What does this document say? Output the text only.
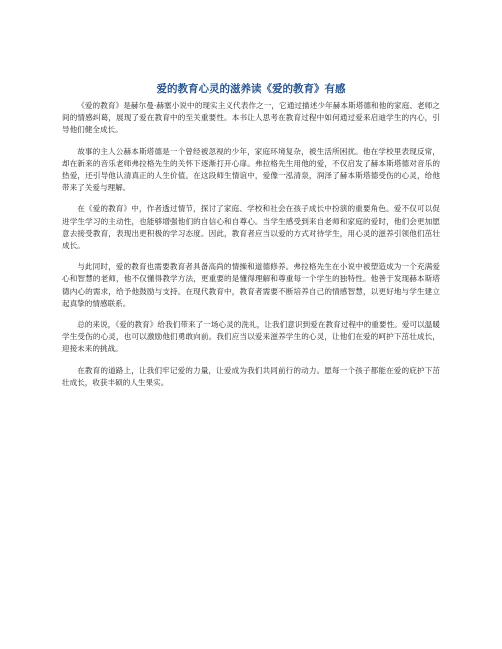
爱的教育心灵的滋养读《爱的教育》有感

《爱的教育》是赫尔曼·赫塞小说中的现实主义代表作之一，它通过描述少年赫本斯塔德和他的家庭、老师之间的情感纠葛，展现了爱在教育中的至关重要性。本书让人思考在教育过程中如何通过爱来启迪学生的内心，引导他们健全成长。

故事的主人公赫本斯塔德是一个曾经被忽视的少年，家庭环境复杂，被生活所困扰。他在学校里表现反常，却在新来的音乐老师弗拉格先生的关怀下逐渐打开心扉。弗拉格先生用他的爱，不仅启发了赫本斯塔德对音乐的热爱，还引导他认清真正的人生价值。在这段师生情谊中，爱像一泓清泉，润泽了赫本斯塔德受伤的心灵，给他带来了关爱与理解。

在《爱的教育》中，作者透过情节，探讨了家庭、学校和社会在孩子成长中扮演的重要角色。爱不仅可以促进学生学习的主动性，也能够增强他们的自信心和自尊心。当学生感受到来自老师和家庭的爱时，他们会更加愿意去接受教育，表现出更积极的学习态度。因此，教育者应当以爱的方式对待学生，用心灵的滋养引领他们茁壮成长。

与此同时，爱的教育也需要教育者具备高尚的情操和道德修养。弗拉格先生在小说中被塑造成为一个充满爱心和智慧的老师，他不仅懂得教学方法，更重要的是懂得理解和尊重每一个学生的独特性。他善于发现赫本斯塔德内心的需求，给予他鼓励与支持。在现代教育中，教育者需要不断培养自己的情感智慧，以更好地与学生建立起真挚的情感联系。

总的来说，《爱的教育》给我们带来了一场心灵的洗礼，让我们意识到爱在教育过程中的重要性。爱可以温暖学生受伤的心灵，也可以激励他们勇敢向前。我们应当以爱来滋养学生的心灵，让他们在爱的呵护下茁壮成长，迎接未来的挑战。

在教育的道路上，让我们牢记爱的力量，让爱成为我们共同前行的动力。愿每一个孩子都能在爱的庇护下茁壮成长，收获丰硕的人生果实。
